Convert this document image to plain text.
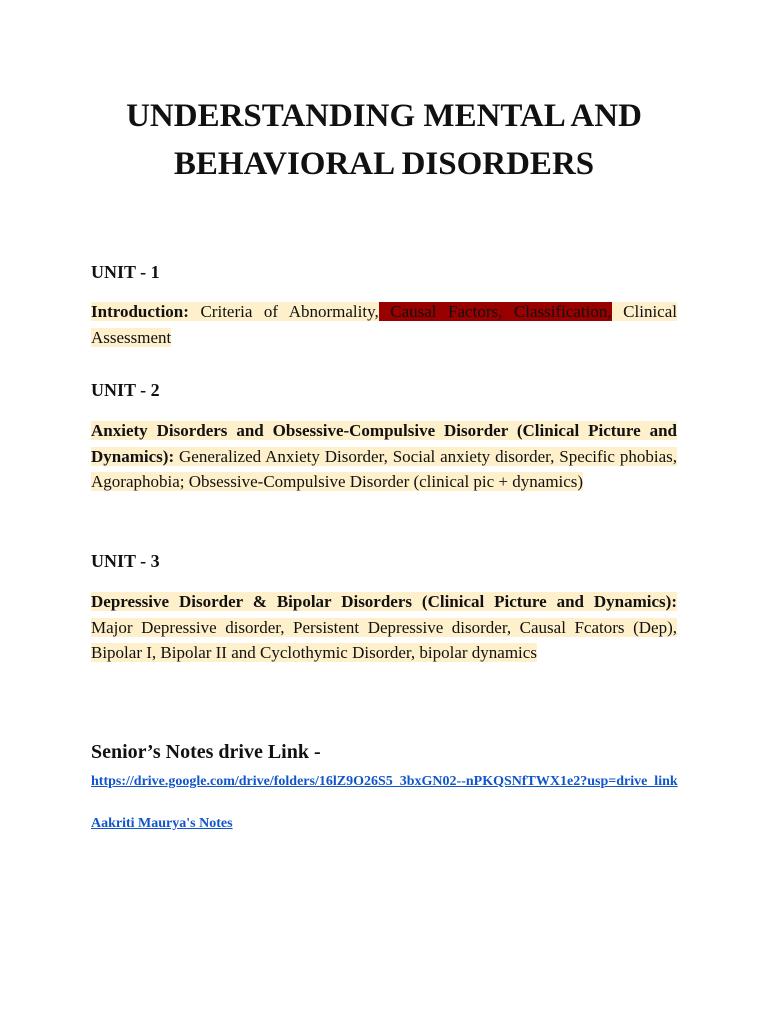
UNDERSTANDING MENTAL AND
BEHAVIORAL DISORDERS

UNIT - 1

Introduction: Criteria of Abnormality, Causal Factors, Classification, Clinical Assessment

UNIT - 2

Anxiety Disorders and Obsessive-Compulsive Disorder (Clinical Picture and Dynamics): Generalized Anxiety Disorder, Social anxiety disorder, Specific phobias, Agoraphobia; Obsessive-Compulsive Disorder (clinical pic + dynamics)

UNIT - 3

Depressive Disorder & Bipolar Disorders (Clinical Picture and Dynamics): Major Depressive disorder, Persistent Depressive disorder, Causal Fcators (Dep), Bipolar I, Bipolar II and Cyclothymic Disorder, bipolar dynamics

Senior’s Notes drive Link -

https://drive.google.com/drive/folders/16lZ9O26S5_3bxGN02--nPKQSNfTWX1e2?usp=drive_link

Aakriti Maurya's Notes
